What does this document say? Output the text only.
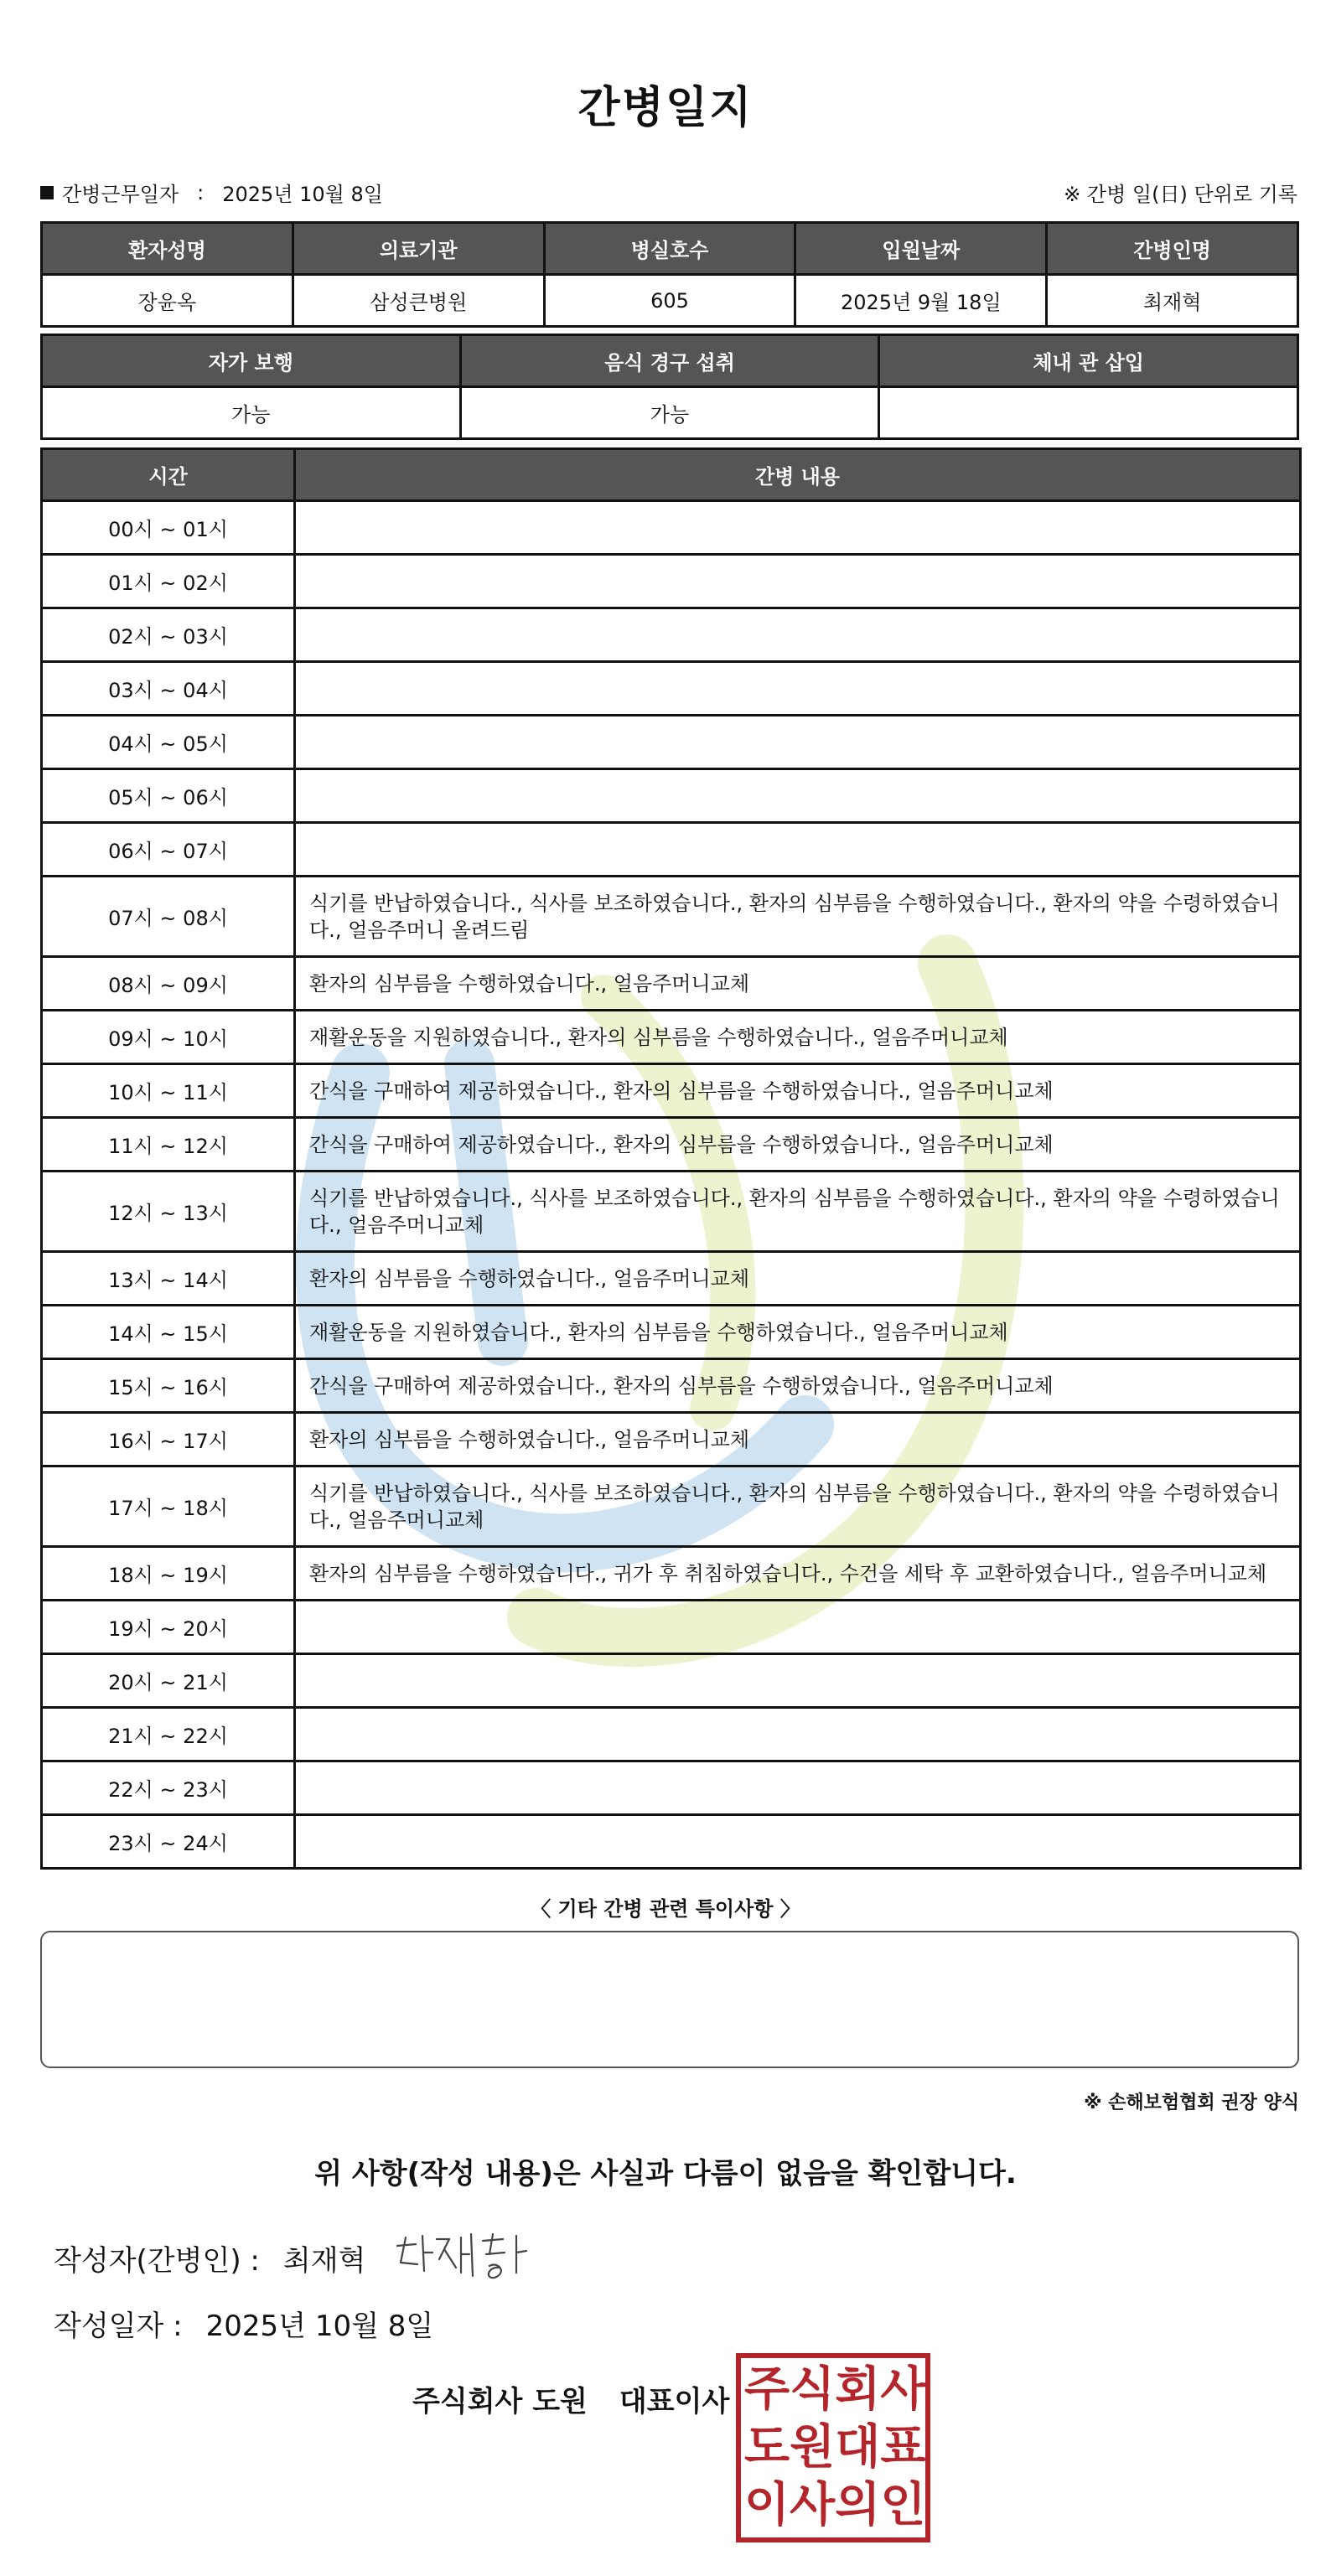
간병일지
간병근무일자 : 2025년 10월 8일	※ 간병 일(日) 단위로 기록
환자성명	의료기관	병실호수	입원날짜	간병인명
장윤옥	삼성큰병원	605	2025년 9월 18일	최재혁
자가 보행	음식 경구 섭취	체내 관 삽입
가능	가능	
시간	간병 내용
00시 ~ 01시	
01시 ~ 02시	
02시 ~ 03시	
03시 ~ 04시	
04시 ~ 05시	
05시 ~ 06시	
06시 ~ 07시	
07시 ~ 08시	식기를 반납하였습니다., 식사를 보조하였습니다., 환자의 심부름을 수행하였습니다., 환자의 약을 수령하였습니다., 얼음주머니 올려드림
08시 ~ 09시	환자의 심부름을 수행하였습니다., 얼음주머니교체
09시 ~ 10시	재활운동을 지원하였습니다., 환자의 심부름을 수행하였습니다., 얼음주머니교체
10시 ~ 11시	간식을 구매하여 제공하였습니다., 환자의 심부름을 수행하였습니다., 얼음주머니교체
11시 ~ 12시	간식을 구매하여 제공하였습니다., 환자의 심부름을 수행하였습니다., 얼음주머니교체
12시 ~ 13시	식기를 반납하였습니다., 식사를 보조하였습니다., 환자의 심부름을 수행하였습니다., 환자의 약을 수령하였습니다., 얼음주머니교체
13시 ~ 14시	환자의 심부름을 수행하였습니다., 얼음주머니교체
14시 ~ 15시	재활운동을 지원하였습니다., 환자의 심부름을 수행하였습니다., 얼음주머니교체
15시 ~ 16시	간식을 구매하여 제공하였습니다., 환자의 심부름을 수행하였습니다., 얼음주머니교체
16시 ~ 17시	환자의 심부름을 수행하였습니다., 얼음주머니교체
17시 ~ 18시	식기를 반납하였습니다., 식사를 보조하였습니다., 환자의 심부름을 수행하였습니다., 환자의 약을 수령하였습니다., 얼음주머니교체
18시 ~ 19시	환자의 심부름을 수행하였습니다., 귀가 후 취침하였습니다., 수건을 세탁 후 교환하였습니다., 얼음주머니교체
19시 ~ 20시	
20시 ~ 21시	
21시 ~ 22시	
22시 ~ 23시	
23시 ~ 24시	
〈 기타 간병 관련 특이사항 〉
※ 손해보험협회 권장 양식
위 사항(작성 내용)은 사실과 다름이 없음을 확인합니다.
작성자(간병인) : 최재혁
작성일자 : 2025년 10월 8일
주식회사 도원 대표이사 주 식 회 사
도 원 대 표
이 사 의 인
